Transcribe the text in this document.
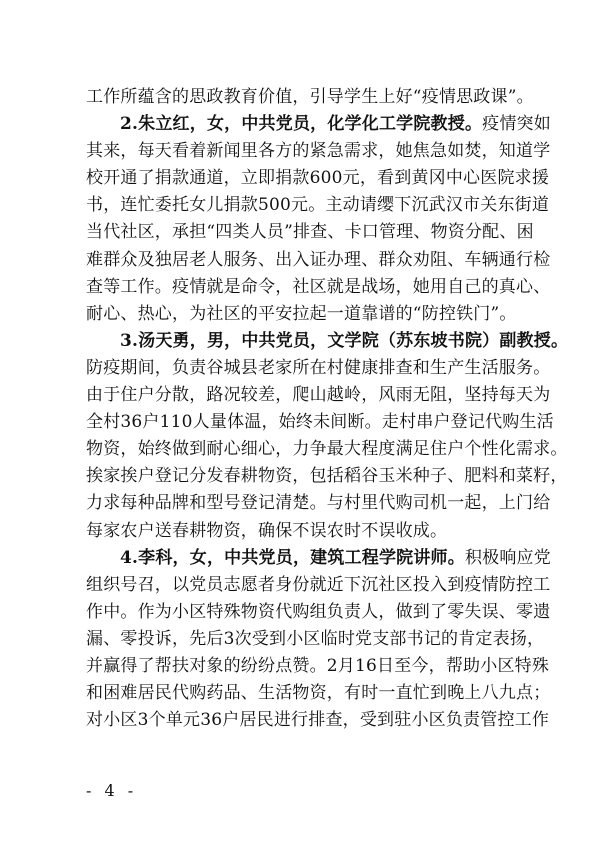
工作所蕴含的思政教育价值，引导学生上好“疫情思政课”。
2.朱立红，女，中共党员，化学化工学院教授。疫情突如
其来，每天看着新闻里各方的紧急需求，她焦急如焚，知道学
校开通了捐款通道，立即捐款600元，看到黄冈中心医院求援
书，连忙委托女儿捐款500元。主动请缨下沉武汉市关东街道
当代社区，承担“四类人员”排查、卡口管理、物资分配、困
难群众及独居老人服务、出入证办理、群众劝阻、车辆通行检
查等工作。疫情就是命令，社区就是战场，她用自己的真心、
耐心、热心，为社区的平安拉起一道靠谱的“防控铁门”。
3.汤天勇，男，中共党员，文学院（苏东坡书院）副教授。
防疫期间，负责谷城县老家所在村健康排查和生产生活服务。
由于住户分散，路况较差，爬山越岭，风雨无阻，坚持每天为
全村36户110人量体温，始终未间断。走村串户登记代购生活
物资，始终做到耐心细心，力争最大程度满足住户个性化需求。
挨家挨户登记分发春耕物资，包括稻谷玉米种子、肥料和菜籽，
力求每种品牌和型号登记清楚。与村里代购司机一起，上门给
每家农户送春耕物资，确保不误农时不误收成。
4.李科，女，中共党员，建筑工程学院讲师。积极响应党
组织号召，以党员志愿者身份就近下沉社区投入到疫情防控工
作中。作为小区特殊物资代购组负责人，做到了零失误、零遗
漏、零投诉，先后3次受到小区临时党支部书记的肯定表扬，
并赢得了帮扶对象的纷纷点赞。2月16日至今，帮助小区特殊
和困难居民代购药品、生活物资，有时一直忙到晚上八九点；
对小区3个单元36户居民进行排查，受到驻小区负责管控工作
- 4 -
